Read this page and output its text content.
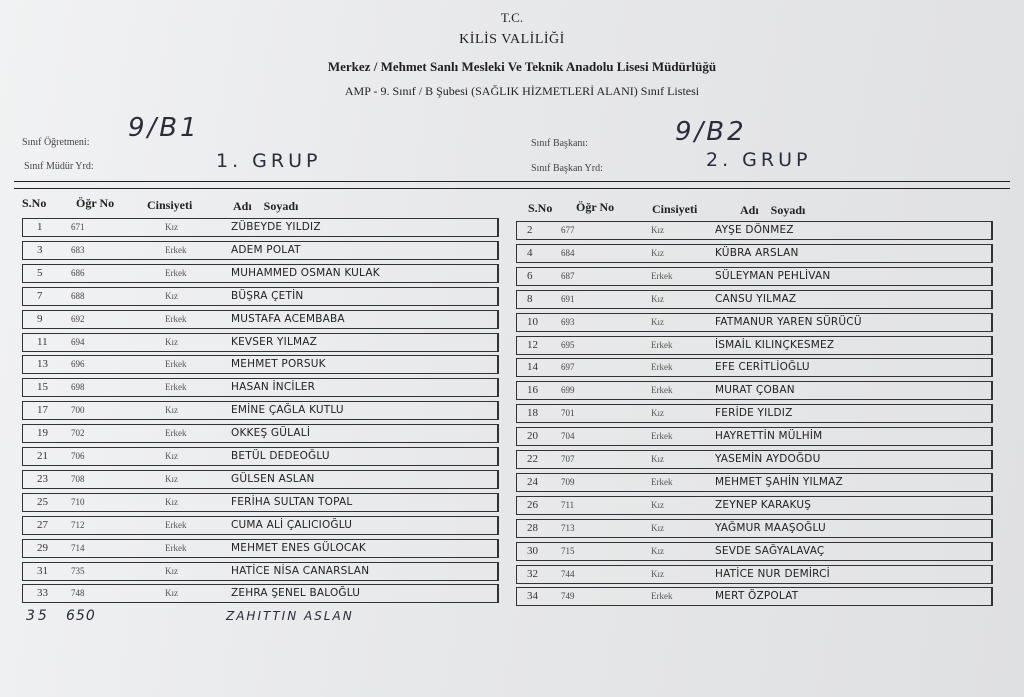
T.C.
KİLİS VALİLİĞİ
Merkez / Mehmet Sanlı Mesleki Ve Teknik Anadolu Lisesi Müdürlüğü
AMP - 9. Sınıf / B Şubesi (SAĞLIK HİZMETLERİ ALANI) Sınıf Listesi
Sınıf Öğretmeni:
Sınıf Müdür Yrd:
Sınıf Başkanı:
Sınıf Başkan Yrd:
9/B1
1. GRUP
9/B2
2. GRUP
S.No Öğr No	Cinsiyeti	Adı    Soyadı	S.No Öğr No	Cinsiyeti	Adı    Soyadı
1	671	Kız	ZÜBEYDE YILDIZ
3	683	Erkek	ADEM POLAT
5	686	Erkek	MUHAMMED OSMAN KULAK
7	688	Kız	BÜŞRA ÇETİN
9	692	Erkek	MUSTAFA ACEMBABA
11	694	Kız	KEVSER YILMAZ
13	696	Erkek	MEHMET PORSUK
15	698	Erkek	HASAN İNCİLER
17	700	Kız	EMİNE ÇAĞLA KUTLU
19	702	Erkek	OKKEŞ GÜLALİ
21	706	Kız	BETÜL DEDEOĞLU
23	708	Kız	GÜLSEN ASLAN
25	710	Kız	FERİHA SULTAN TOPAL
27	712	Erkek	CUMA ALİ ÇALICIOĞLU
29	714	Erkek	MEHMET ENES GÜLOCAK
31	735	Kız	HATİCE NİSA CANARSLAN
33	748	Kız	ZEHRA ŞENEL BALOĞLU
2	677	Kız	AYŞE DÖNMEZ
4	684	Kız	KÜBRA ARSLAN
6	687	Erkek	SÜLEYMAN PEHLİVAN
8	691	Kız	CANSU YILMAZ
10	693	Kız	FATMANUR YAREN SÜRÜCÜ
12	695	Erkek	İSMAİL KILINÇKESMEZ
14	697	Erkek	EFE CERİTLİOĞLU
16	699	Erkek	MURAT ÇOBAN
18	701	Kız	FERİDE YILDIZ
20	704	Erkek	HAYRETTİN MÜLHİM
22	707	Kız	YASEMİN AYDOĞDU
24	709	Erkek	MEHMET ŞAHİN YILMAZ
26	711	Kız	ZEYNEP KARAKUŞ
28	713	Kız	YAĞMUR MAAŞOĞLU
30	715	Kız	SEVDE SAĞYALAVAÇ
32	744	Kız	HATİCE NUR DEMİRCİ
34	749	Erkek	MERT ÖZPOLAT
35 650	ZAHITTIN ASLAN
